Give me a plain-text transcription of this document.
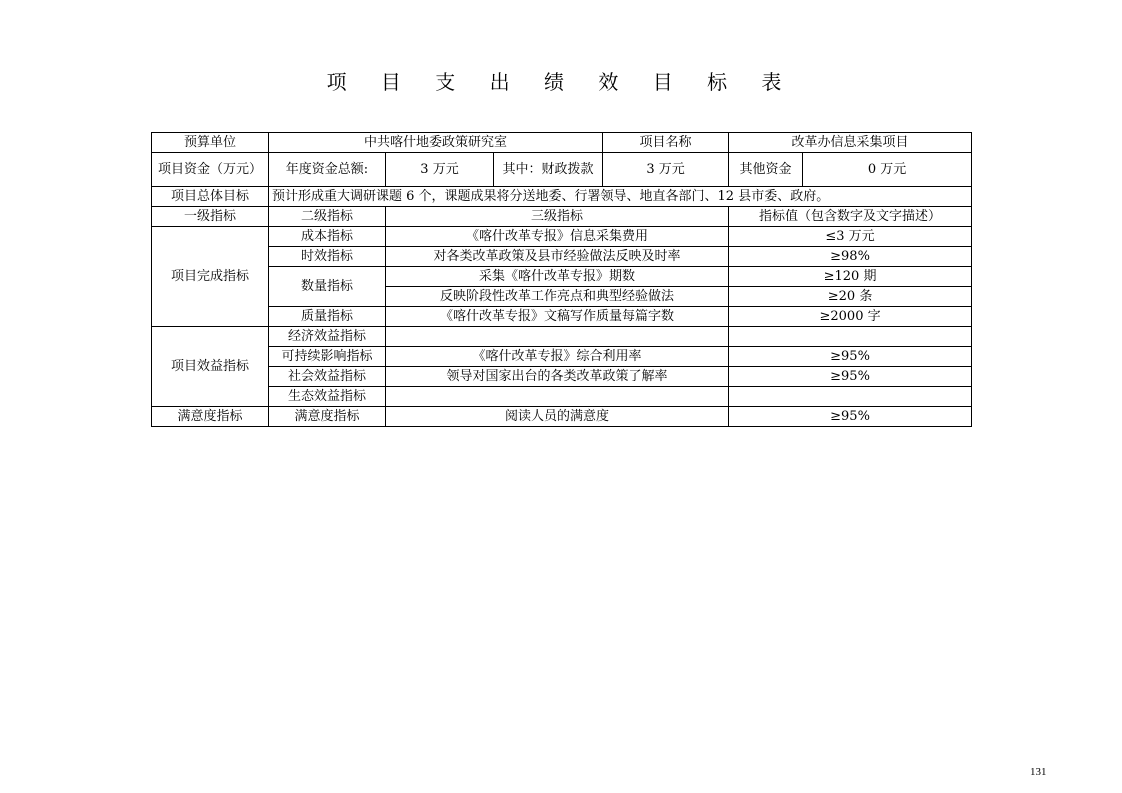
项 目 支 出 绩 效 目 标 表
预算单位	中共喀什地委政策研究室			项目名称	改革办信息采集项目	
项目资金（万元）	年度资金总额:	3 万元	其中：财政拨款	3 万元	其他资金	0 万元
项目总体目标	预计形成重大调研课题 6 个，课题成果将分送地委、行署领导、地直各部门、12 县市委、政府。					
一级指标	二级指标	三级指标			指标值（包含数字及文字描述）	
项目完成指标	成本指标	《喀什改革专报》信息采集费用			≤3 万元	
	时效指标	对各类改革政策及县市经验做法反映及时率			≥98%	
	数量指标	采集《喀什改革专报》期数			≥120 期	
		反映阶段性改革工作亮点和典型经验做法			≥20 条	
	质量指标	《喀什改革专报》文稿写作质量每篇字数			≥2000 字	
项目效益指标	经济效益指标					
	可持续影响指标	《喀什改革专报》综合利用率			≥95%	
	社会效益指标	领导对国家出台的各类改革政策了解率			≥95%	
	生态效益指标					
满意度指标	满意度指标	阅读人员的满意度			≥95%	
131
